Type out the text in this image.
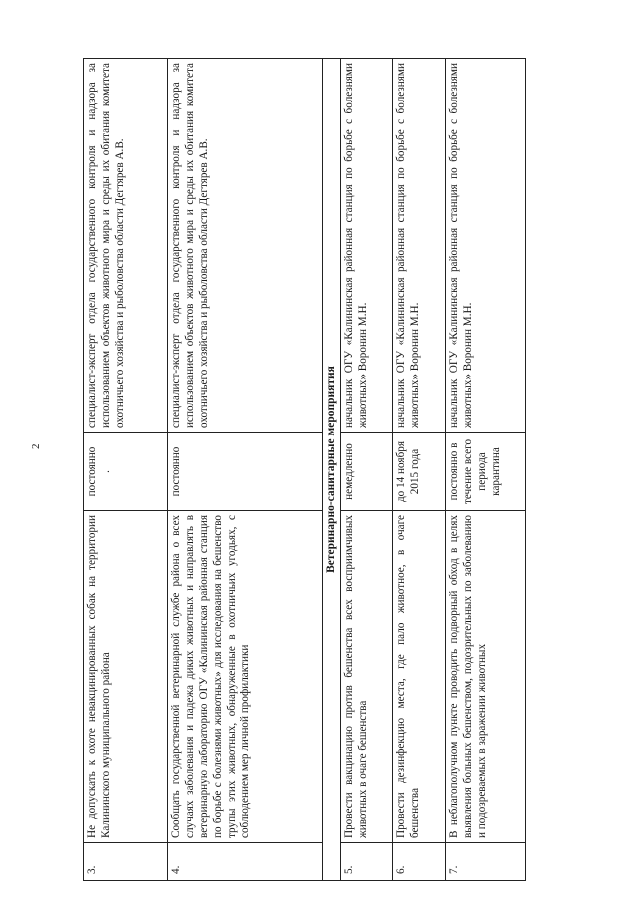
2
3.	Не допускать к охоте невакцинированных собак на территории Калининского муниципального района	постоянно .	специалист-эксперт отдела государственного контроля и надзора за использованием объектов животного мира и среды их обитания комитета охотничьего хозяйства и рыболовства области Дегтярев А.В.
4.	Сообщать государственной ветеринарной службе района о всех случаях заболевания и падежа диких животных и направлять в ветеринарную лабораторию ОГУ «Калининская районная станция по борьбе с болезнями животных» для исследования на бешенство трупы этих животных, обнаруженные в охотничьих угодьях, с соблюдением мер личной профилактики	постоянно	специалист-эксперт отдела государственного контроля и надзора за использованием объектов животного мира и среды их обитания комитета охотничьего хозяйства и рыболовства области Дегтярев А.В.
Ветеринарно-санитарные мероприятия			
5.	Провести вакцинацию против бешенства всех восприимчивых животных в очаге бешенства	немедленно	начальник ОГУ «Калининская районная станция по борьбе с болезнями животных» Воронин М.Н.
6.	Провести дезинфекцию места, где пало животное, в очаге бешенства	до 14 ноября 2015 года	начальник ОГУ «Калининская районная станция по борьбе с болезнями животных» Воронин М.Н.
7.	В неблагополучном пункте проводить подворный обход в целях выявления больных бешенством, подозрительных по заболеванию и подозреваемых в заражении животных	постоянно в течение всего периода карантина	начальник ОГУ «Калининская районная станция по борьбе с болезнями животных» Воронин М.Н.
